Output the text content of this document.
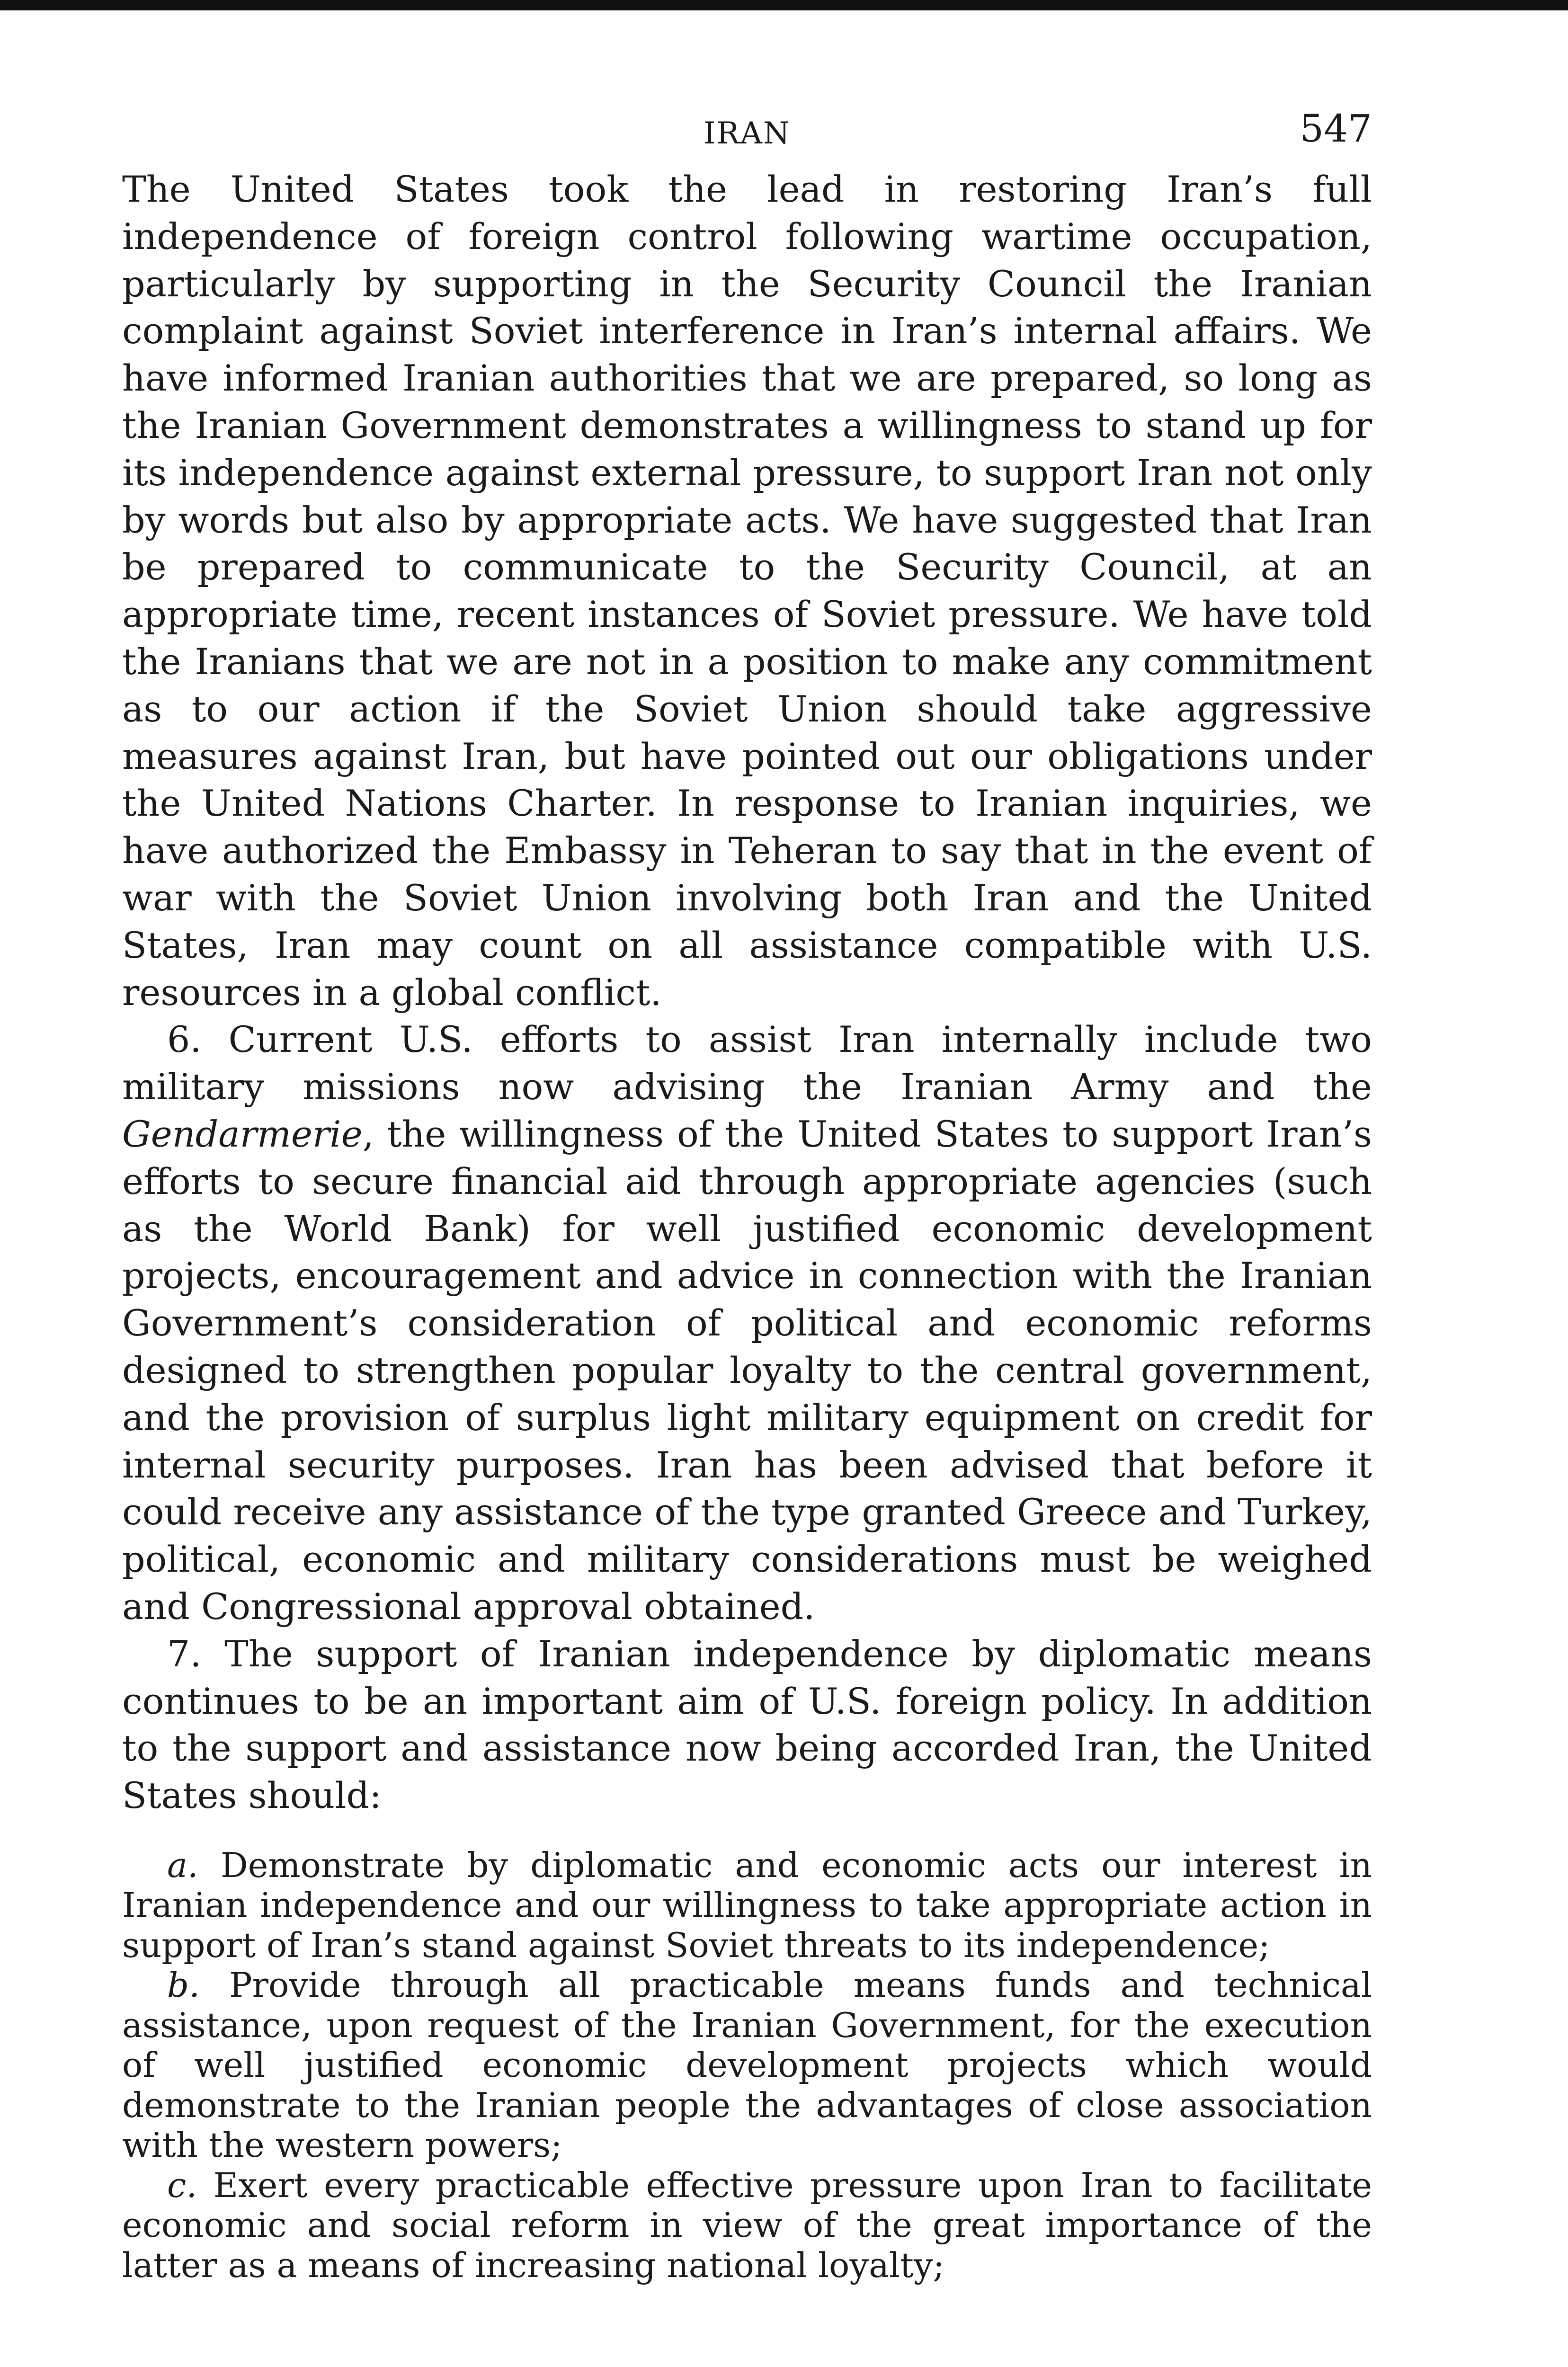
IRAN	547

The United States took the lead in restoring Iran’s full independence of foreign control following wartime occupation, particularly by supporting in the Security Council the Iranian complaint against Soviet interference in Iran’s internal affairs. We have informed Iranian authorities that we are prepared, so long as the Iranian Government demonstrates a willingness to stand up for its independence against external pressure, to support Iran not only by words but also by appropriate acts. We have suggested that Iran be prepared to communicate to the Security Council, at an appropriate time, recent instances of Soviet pressure. We have told the Iranians that we are not in a position to make any commitment as to our action if the Soviet Union should take aggressive measures against Iran, but have pointed out our obligations under the United Nations Charter. In response to Iranian inquiries, we have authorized the Embassy in Teheran to say that in the event of war with the Soviet Union involving both Iran and the United States, Iran may count on all assistance compatible with U.S. resources in a global conflict.

6. Current U.S. efforts to assist Iran internally include two military missions now advising the Iranian Army and the Gendarmerie, the willingness of the United States to support Iran’s efforts to secure financial aid through appropriate agencies (such as the World Bank) for well justified economic development projects, encouragement and advice in connection with the Iranian Government’s consideration of political and economic reforms designed to strengthen popular loyalty to the central government, and the provision of surplus light military equipment on credit for internal security purposes. Iran has been advised that before it could receive any assistance of the type granted Greece and Turkey, political, economic and military considerations must be weighed and Congressional approval obtained.

7. The support of Iranian independence by diplomatic means continues to be an important aim of U.S. foreign policy. In addition to the support and assistance now being accorded Iran, the United States should:

a. Demonstrate by diplomatic and economic acts our interest in Iranian independence and our willingness to take appropriate action in support of Iran’s stand against Soviet threats to its independence;

b. Provide through all practicable means funds and technical assistance, upon request of the Iranian Government, for the execution of well justified economic development projects which would demonstrate to the Iranian people the advantages of close association with the western powers;

c. Exert every practicable effective pressure upon Iran to facilitate economic and social reform in view of the great importance of the latter as a means of increasing national loyalty;
